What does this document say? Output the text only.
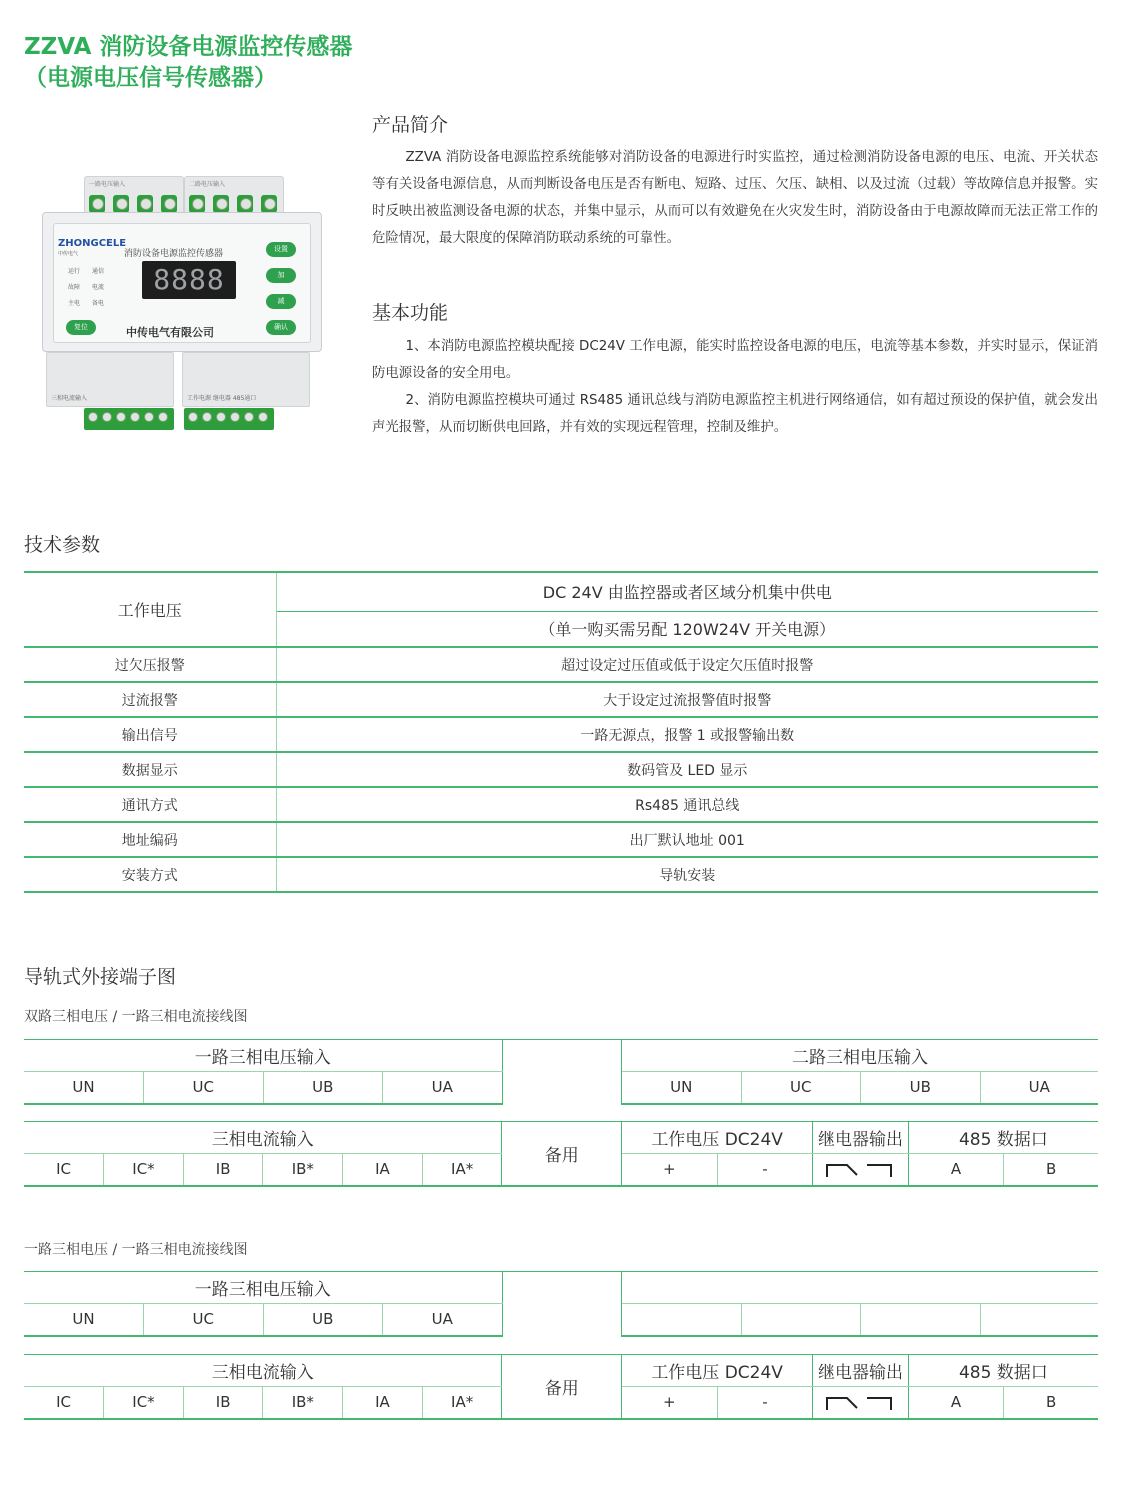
ZZVA 消防设备电源监控传感器
（电源电压信号传感器）
一路电压输入	二路电压输入
ZHONGCELE
中传电气	消防设备电源监控传感器
运行 通信
故障 电流
主电 备电
8888
设置
加
减
确认
复位	中传电气有限公司
三相电流输入	工作电源 继电器 485通口
产品简介
ZZVA 消防设备电源监控系统能够对消防设备的电源进行时实监控，通过检测消防设备电源的电压、电流、开关状态等有关设备电源信息，从而判断设备电压是否有断电、短路、过压、欠压、缺相、以及过流（过载）等故障信息并报警。实时反映出被监测设备电源的状态，并集中显示，从而可以有效避免在火灾发生时，消防设备由于电源故障而无法正常工作的危险情况，最大限度的保障消防联动系统的可靠性。
基本功能
1、本消防电源监控模块配接 DC24V 工作电源，能实时监控设备电源的电压，电流等基本参数，并实时显示，保证消防电源设备的安全用电。
2、消防电源监控模块可通过 RS485 通讯总线与消防电源监控主机进行网络通信，如有超过预设的保护值，就会发出声光报警，从而切断供电回路，并有效的实现远程管理，控制及维护。
技术参数
工作电压	DC 24V 由监控器或者区域分机集中供电
	（单一购买需另配 120W24V 开关电源）
过欠压报警	超过设定过压值或低于设定欠压值时报警
过流报警	大于设定过流报警值时报警
输出信号	一路无源点，报警 1 或报警输出数
数据显示	数码管及 LED 显示
通讯方式	Rs485 通讯总线
地址编码	出厂默认地址 001
安装方式	导轨安装
导轨式外接端子图
双路三相电压 / 一路三相电流接线图
一路三相电压输入					二路三相电压输入			
UN	UC	UB	UA		UN	UC	UB	UA
三相电流输入						备用	工作电压 DC24V		继电器输出	485 数据口	
IC	IC*	IB	IB*	IA	IA*		+	-		A	B
一路三相电压 / 一路三相电流接线图
一路三相电压输入								
UN	UC	UB	UA					
三相电流输入						备用	工作电压 DC24V		继电器输出	485 数据口	
IC	IC*	IB	IB*	IA	IA*		+	-		A	B
